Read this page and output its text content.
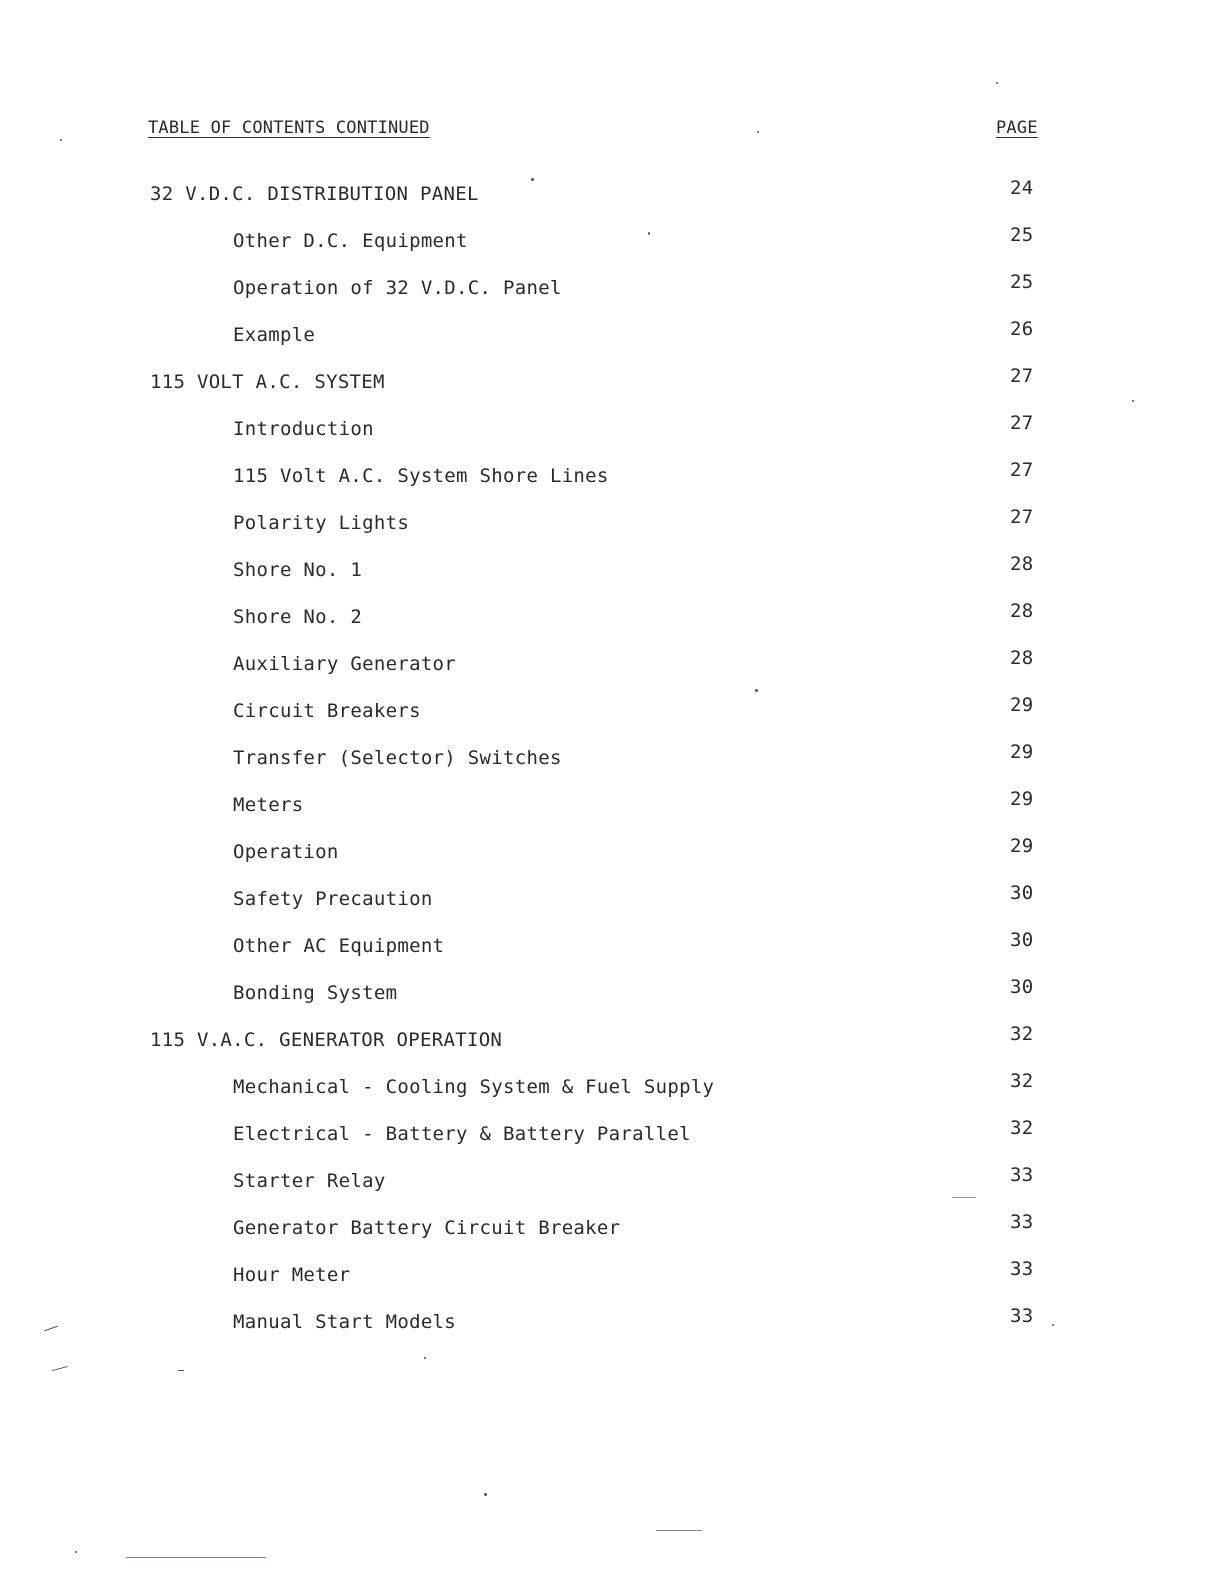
TABLE OF CONTENTS CONTINUED	PAGE
32 V.D.C. DISTRIBUTION PANEL	24
Other D.C. Equipment	25
Operation of 32 V.D.C. Panel	25
Example	26
115 VOLT A.C. SYSTEM	27
Introduction	27
115 Volt A.C. System Shore Lines	27
Polarity Lights	27
Shore No. 1	28
Shore No. 2	28
Auxiliary Generator	28
Circuit Breakers	29
Transfer (Selector) Switches	29
Meters	29
Operation	29
Safety Precaution	30
Other AC Equipment	30
Bonding System	30
115 V.A.C. GENERATOR OPERATION	32
Mechanical - Cooling System & Fuel Supply	32
Electrical - Battery & Battery Parallel	32
Starter Relay	33
Generator Battery Circuit Breaker	33
Hour Meter	33
Manual Start Models	33
